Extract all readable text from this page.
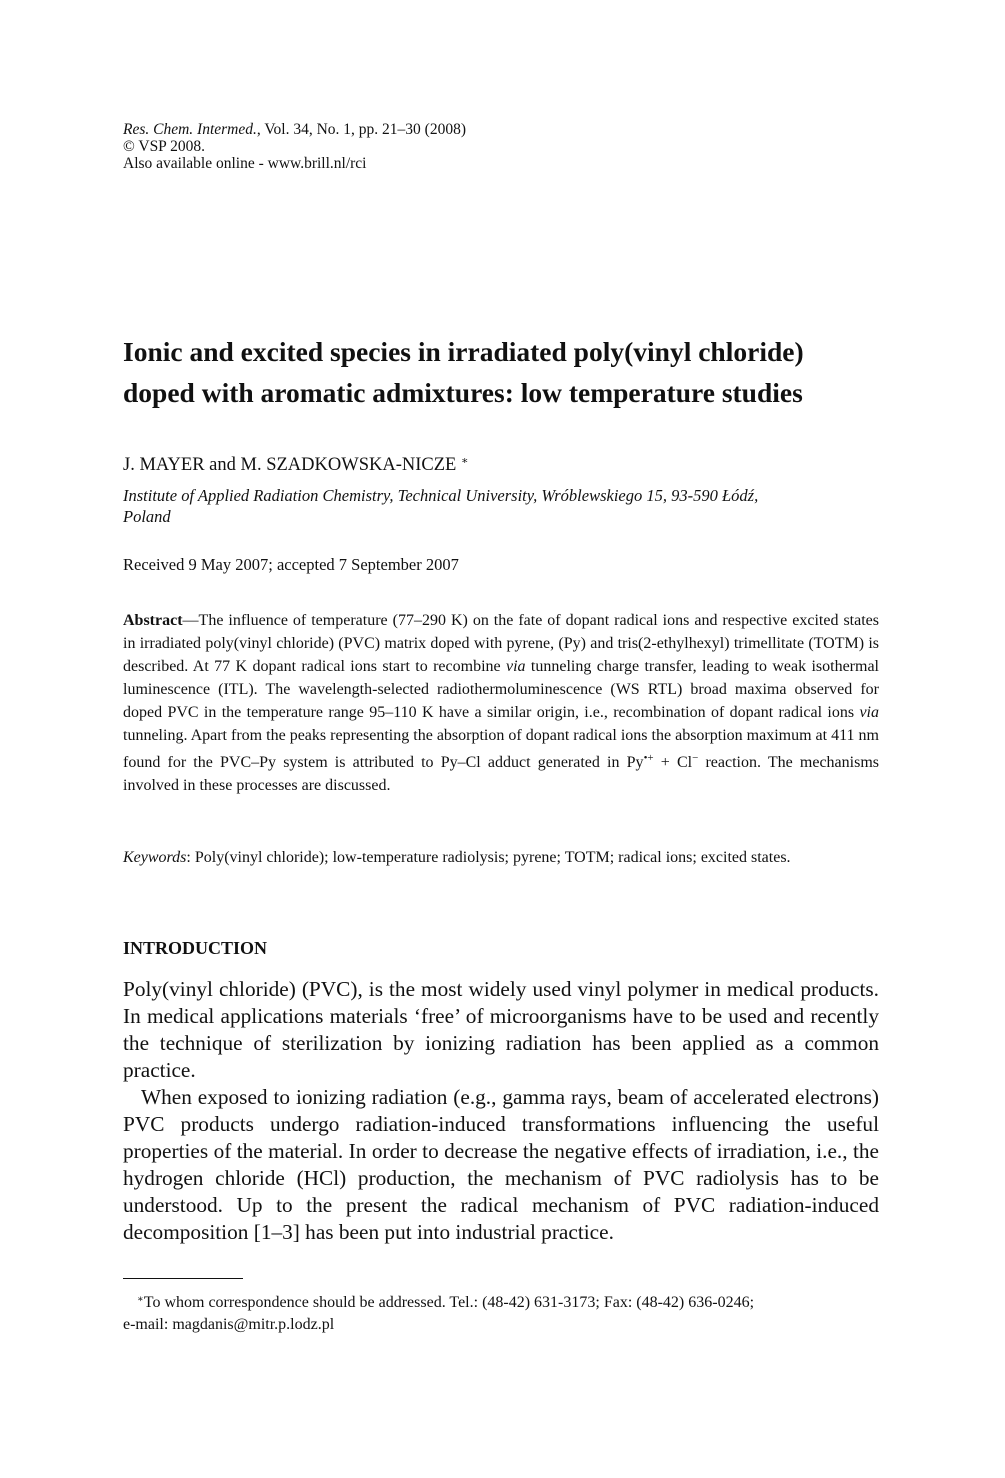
Res. Chem. Intermed., Vol. 34, No. 1, pp. 21–30 (2008)
© VSP 2008.
Also available online - www.brill.nl/rci
Ionic and excited species in irradiated poly(vinyl chloride)
doped with aromatic admixtures: low temperature studies
J. MAYER and M. SZADKOWSKA-NICZE ∗
Institute of Applied Radiation Chemistry, Technical University, Wróblewskiego 15, 93-590 Łódź,
Poland
Received 9 May 2007; accepted 7 September 2007
Abstract—The influence of temperature (77–290 K) on the fate of dopant radical ions and respective excited states in irradiated poly(vinyl chloride) (PVC) matrix doped with pyrene, (Py) and tris(2-ethylhexyl) trimellitate (TOTM) is described. At 77 K dopant radical ions start to recombine via tunneling charge transfer, leading to weak isothermal luminescence (ITL). The wavelength-selected radiothermoluminescence (WS RTL) broad maxima observed for doped PVC in the temperature range 95–110 K have a similar origin, i.e., recombination of dopant radical ions via tunneling. Apart from the peaks representing the absorption of dopant radical ions the absorption maximum at 411 nm found for the PVC–Py system is attributed to Py–Cl adduct generated in Py•+ + Cl− reaction. The mechanisms involved in these processes are discussed.
Keywords: Poly(vinyl chloride); low-temperature radiolysis; pyrene; TOTM; radical ions; excited states.
INTRODUCTION

Poly(vinyl chloride) (PVC), is the most widely used vinyl polymer in medical products. In medical applications materials ‘free’ of microorganisms have to be used and recently the technique of sterilization by ionizing radiation has been applied as a common practice.

When exposed to ionizing radiation (e.g., gamma rays, beam of accelerated electrons) PVC products undergo radiation-induced transformations influencing the useful properties of the material. In order to decrease the negative effects of irradiation, i.e., the hydrogen chloride (HCl) production, the mechanism of PVC radiolysis has to be understood. Up to the present the radical mechanism of PVC radiation-induced decomposition [1–3] has been put into industrial practice.

∗To whom correspondence should be addressed. Tel.: (48-42) 631-3173; Fax: (48-42) 636-0246;
e-mail: magdanis@mitr.p.lodz.pl
